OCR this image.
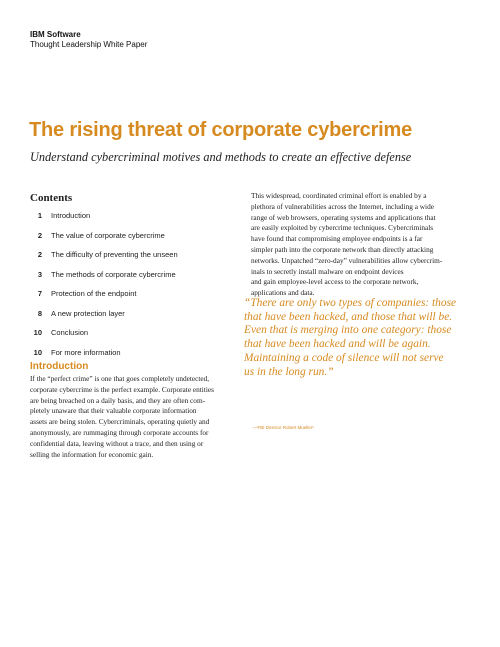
IBM Software
Thought Leadership White Paper
The rising threat of corporate cybercrime

Understand cybercriminal motives and methods to create an effective defense

Contents
1 Introduction
2 The value of corporate cybercrime
2 The difficulty of preventing the unseen
3 The methods of corporate cybercrime
7 Protection of the endpoint
8 A new protection layer
10 Conclusion
10 For more information
Introduction

If the “perfect crime” is one that goes completely undetected,
corporate cybercrime is the perfect example. Corporate entities
are being breached on a daily basis, and they are often com-
pletely unaware that their valuable corporate information
assets are being stolen. Cybercriminals, operating quietly and
anonymously, are rummaging through corporate accounts for
confidential data, leaving without a trace, and then using or
selling the information for economic gain.

This widespread, coordinated criminal effort is enabled by a
plethora of vulnerabilities across the Internet, including a wide
range of web browsers, operating systems and applications that
are easily exploited by cybercrime techniques. Cybercriminals
have found that compromising employee endpoints is a far
simpler path into the corporate network than directly attacking
networks. Unpatched “zero-day” vulnerabilities allow cybercrim-
inals to secretly install malware on endpoint devices
and gain employee-level access to the corporate network,
applications and data.

“There are only two types of companies: those
that have been hacked, and those that will be.
Even that is merging into one category: those
that have been hacked and will be again.
Maintaining a code of silence will not serve
us in the long run.”

—FBI Director Robert Mueller¹
